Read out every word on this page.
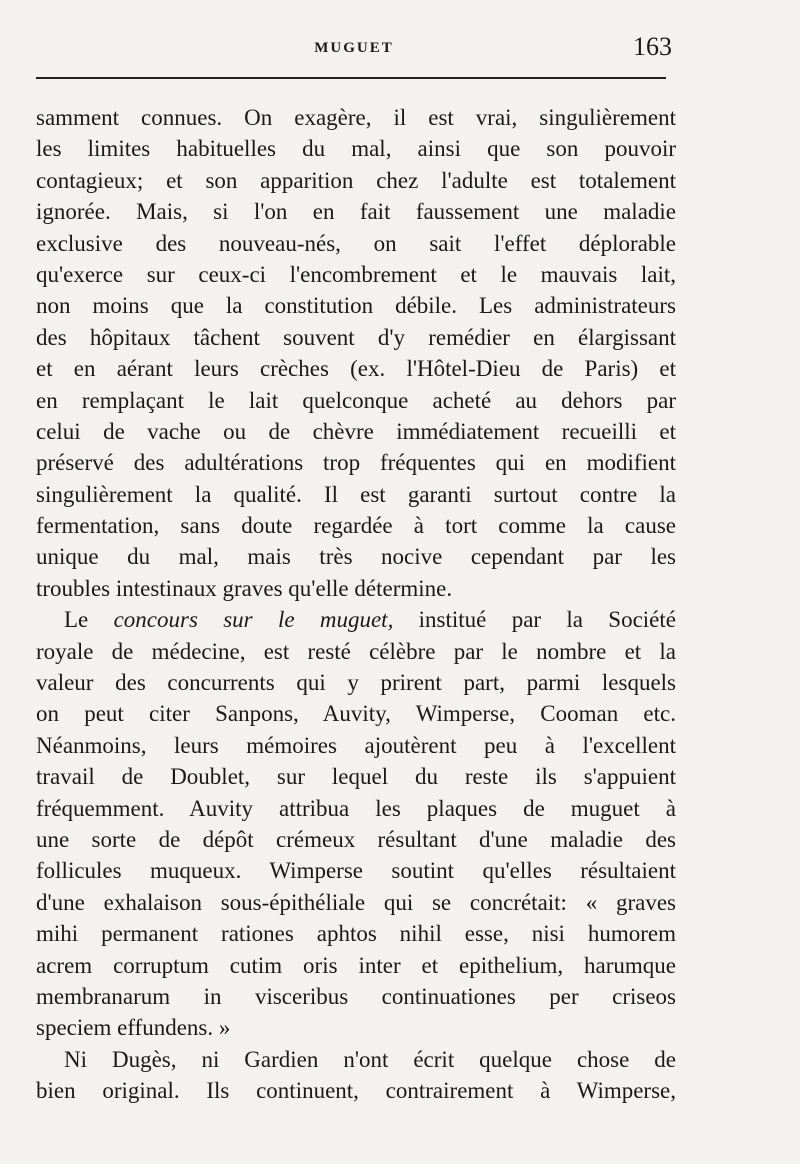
MUGUET	163
samment connues. On exagère, il est vrai, singulièrement
les limites habituelles du mal, ainsi que son pouvoir
contagieux; et son apparition chez l'adulte est totalement
ignorée. Mais, si l'on en fait faussement une maladie
exclusive des nouveau-nés, on sait l'effet déplorable
qu'exerce sur ceux-ci l'encombrement et le mauvais lait,
non moins que la constitution débile. Les administrateurs
des hôpitaux tâchent souvent d'y remédier en élargissant
et en aérant leurs crèches (ex. l'Hôtel-Dieu de Paris) et
en remplaçant le lait quelconque acheté au dehors par
celui de vache ou de chèvre immédiatement recueilli et
préservé des adultérations trop fréquentes qui en modifient
singulièrement la qualité. Il est garanti surtout contre la
fermentation, sans doute regardée à tort comme la cause
unique du mal, mais très nocive cependant par les
troubles intestinaux graves qu'elle détermine.
Le concours sur le muguet, institué par la Société
royale de médecine, est resté célèbre par le nombre et la
valeur des concurrents qui y prirent part, parmi lesquels
on peut citer Sanpons, Auvity, Wimperse, Cooman etc.
Néanmoins, leurs mémoires ajoutèrent peu à l'excellent
travail de Doublet, sur lequel du reste ils s'appuient
fréquemment. Auvity attribua les plaques de muguet à
une sorte de dépôt crémeux résultant d'une maladie des
follicules muqueux. Wimperse soutint qu'elles résultaient
d'une exhalaison sous-épithéliale qui se concrétait: « graves
mihi permanent rationes aphtos nihil esse, nisi humorem
acrem corruptum cutim oris inter et epithelium, harumque
membranarum in visceribus continuationes per criseos
speciem effundens. »
Ni Dugès, ni Gardien n'ont écrit quelque chose de
bien original. Ils continuent, contrairement à Wimperse,
